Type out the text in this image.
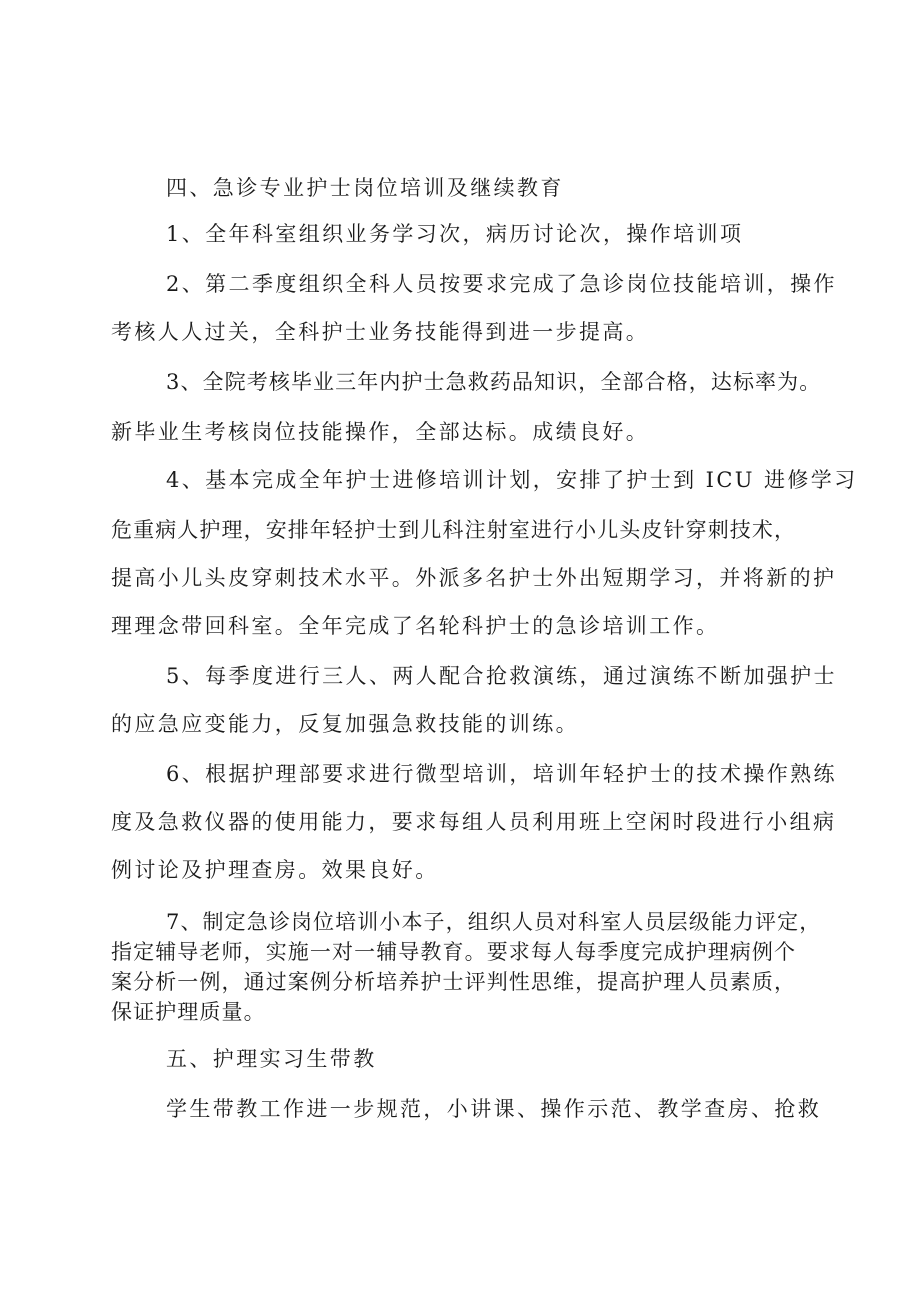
四、急诊专业护士岗位培训及继续教育
1、全年科室组织业务学习次，病历讨论次，操作培训项
2、第二季度组织全科人员按要求完成了急诊岗位技能培训，操作
考核人人过关，全科护士业务技能得到进一步提高。
3、全院考核毕业三年内护士急救药品知识，全部合格，达标率为。
新毕业生考核岗位技能操作，全部达标。成绩良好。
4、基本完成全年护士进修培训计划，安排了护士到 ICU 进修学习
危重病人护理，安排年轻护士到儿科注射室进行小儿头皮针穿刺技术，
提高小儿头皮穿刺技术水平。外派多名护士外出短期学习，并将新的护
理理念带回科室。全年完成了名轮科护士的急诊培训工作。
5、每季度进行三人、两人配合抢救演练，通过演练不断加强护士
的应急应变能力，反复加强急救技能的训练。
6、根据护理部要求进行微型培训，培训年轻护士的技术操作熟练
度及急救仪器的使用能力，要求每组人员利用班上空闲时段进行小组病
例讨论及护理查房。效果良好。
7、制定急诊岗位培训小本子，组织人员对科室人员层级能力评定，
指定辅导老师，实施一对一辅导教育。要求每人每季度完成护理病例个
案分析一例，通过案例分析培养护士评判性思维，提高护理人员素质，
保证护理质量。
五、护理实习生带教
学生带教工作进一步规范，小讲课、操作示范、教学查房、抢救
